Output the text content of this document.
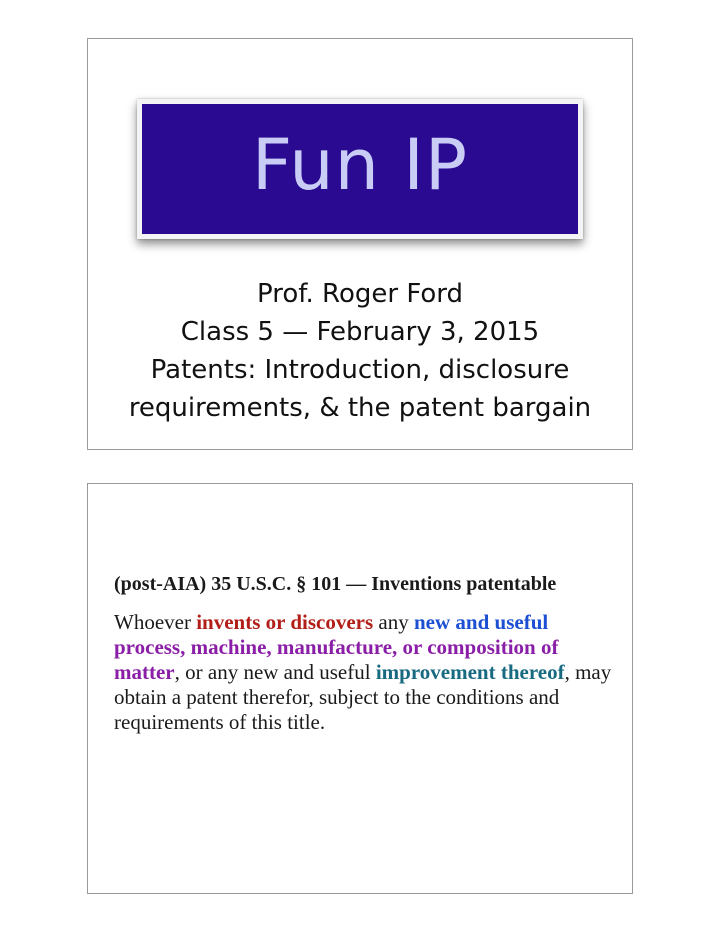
Fun IP
Prof. Roger Ford
Class 5 — February 3, 2015
Patents: Introduction, disclosure
requirements, & the patent bargain

(post-AIA) 35 U.S.C. § 101 — Inventions patentable

Whoever invents or discovers any new and useful process, machine, manufacture, or composition of matter, or any new and useful improvement thereof, may obtain a patent therefor, subject to the conditions and requirements of this title.
